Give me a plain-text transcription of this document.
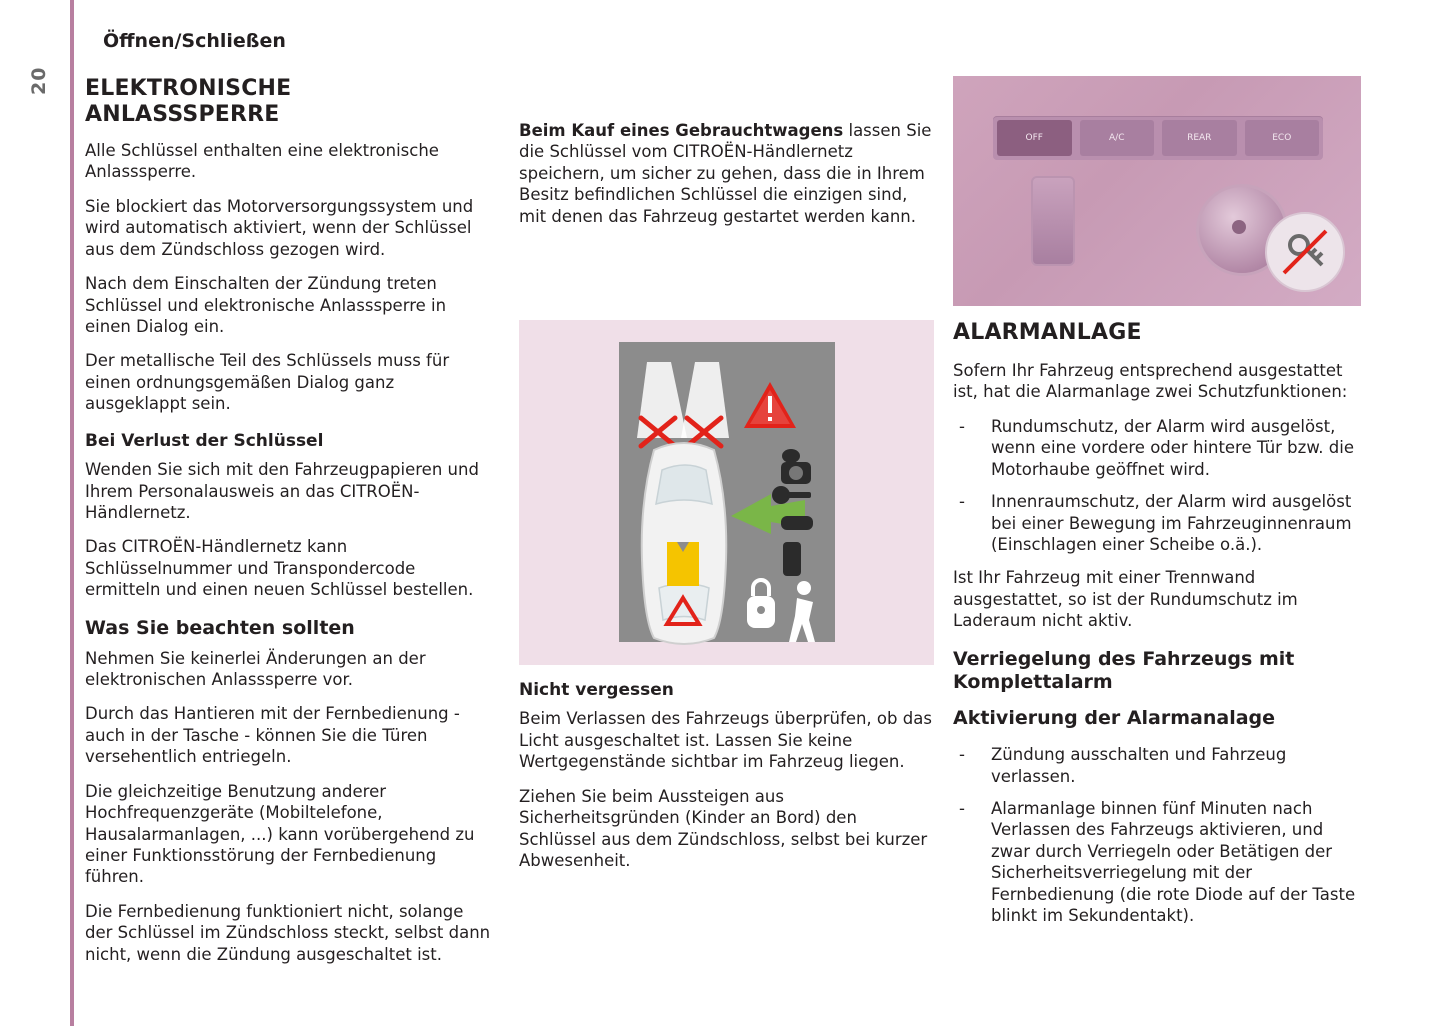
20
Öffnen/Schließen
ELEKTRONISCHE ANLASSSPERRE

Alle Schlüssel enthalten eine elektronische Anlasssperre.

Sie blockiert das Motorversorgungssystem und wird automatisch aktiviert, wenn der Schlüssel aus dem Zündschloss gezogen wird.

Nach dem Einschalten der Zündung treten Schlüssel und elektronische Anlasssperre in einen Dialog ein.

Der metallische Teil des Schlüssels muss für einen ordnungsgemäßen Dialog ganz ausgeklappt sein.

Bei Verlust der Schlüssel

Wenden Sie sich mit den Fahrzeugpapieren und Ihrem Personalausweis an das CITROËN-Händlernetz.

Das CITROËN-Händlernetz kann Schlüsselnummer und Transpondercode ermitteln und einen neuen Schlüssel bestellen.

Was Sie beachten sollten

Nehmen Sie keinerlei Änderungen an der elektronischen Anlasssperre vor.

Durch das Hantieren mit der Fernbedienung - auch in der Tasche - können Sie die Türen versehentlich entriegeln.

Die gleichzeitige Benutzung anderer Hochfrequenzgeräte (Mobiltelefone, Hausalarmanlagen, ...) kann vorübergehend zu einer Funktionsstörung der Fernbedienung führen.

Die Fernbedienung funktioniert nicht, solange der Schlüssel im Zündschloss steckt, selbst dann nicht, wenn die Zündung ausgeschaltet ist.

Beim Kauf eines Gebrauchtwagens lassen Sie die Schlüssel vom CITROËN-Händlernetz speichern, um sicher zu gehen, dass die in Ihrem Besitz befindlichen Schlüssel die einzigen sind, mit denen das Fahrzeug gestartet werden kann.

Nicht vergessen

Beim Verlassen des Fahrzeugs überprüfen, ob das Licht ausgeschaltet ist. Lassen Sie keine Wertgegenstände sichtbar im Fahrzeug liegen.

Ziehen Sie beim Aussteigen aus Sicherheitsgründen (Kinder an Bord) den Schlüssel aus dem Zündschloss, selbst bei kurzer Abwesenheit.

OFF	A/C	REAR	ECO
ALARMANLAGE

Sofern Ihr Fahrzeug entsprechend ausgestattet ist, hat die Alarmanlage zwei Schutzfunktionen:

- Rundumschutz, der Alarm wird ausgelöst, wenn eine vordere oder hintere Tür bzw. die Motorhaube geöffnet wird.
- Innenraumschutz, der Alarm wird ausgelöst bei einer Bewegung im Fahrzeuginnenraum (Einschlagen einer Scheibe o.ä.).

Ist Ihr Fahrzeug mit einer Trennwand ausgestattet, so ist der Rundumschutz im Laderaum nicht aktiv.

Verriegelung des Fahrzeugs mit Komplettalarm
Aktivierung der Alarmanalage
- Zündung ausschalten und Fahrzeug verlassen.
- Alarmanlage binnen fünf Minuten nach Verlassen des Fahrzeugs aktivieren, und zwar durch Verriegeln oder Betätigen der Sicherheitsverriegelung mit der Fernbedienung (die rote Diode auf der Taste blinkt im Sekundentakt).
